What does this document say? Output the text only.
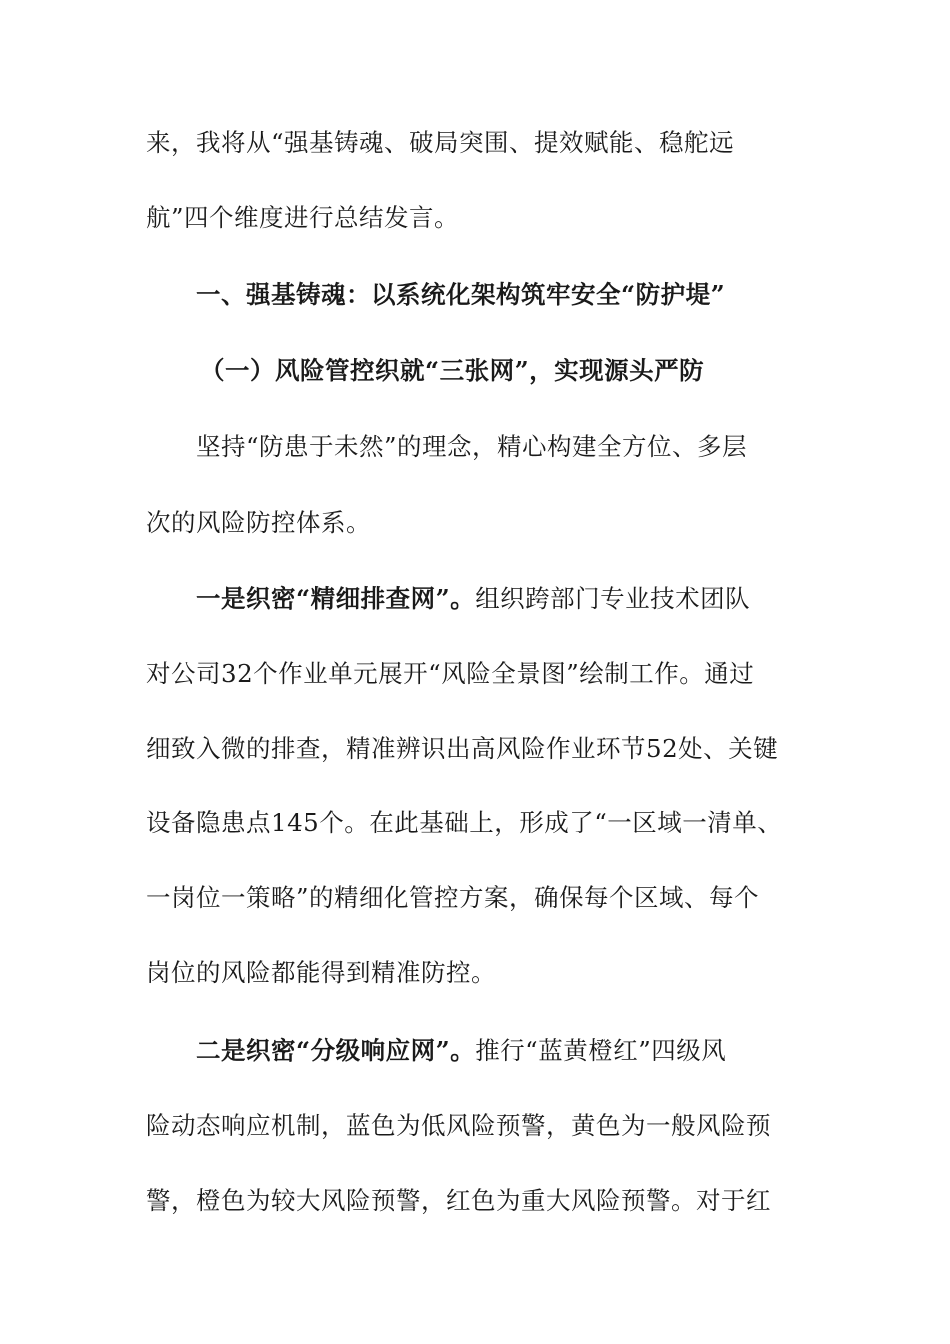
来，我将从“强基铸魂、破局突围、提效赋能、稳舵远
航”四个维度进行总结发言。
一、强基铸魂：以系统化架构筑牢安全“防护堤”
（一）风险管控织就“三张网”，实现源头严防
坚持“防患于未然”的理念，精心构建全方位、多层
次的风险防控体系。
一是织密“精细排查网”。组织跨部门专业技术团队
对公司32个作业单元展开“风险全景图”绘制工作。通过
细致入微的排查，精准辨识出高风险作业环节52处、关键
设备隐患点145个。在此基础上，形成了“一区域一清单、
一岗位一策略”的精细化管控方案，确保每个区域、每个
岗位的风险都能得到精准防控。
二是织密“分级响应网”。推行“蓝黄橙红”四级风
险动态响应机制，蓝色为低风险预警，黄色为一般风险预
警，橙色为较大风险预警，红色为重大风险预警。对于红
